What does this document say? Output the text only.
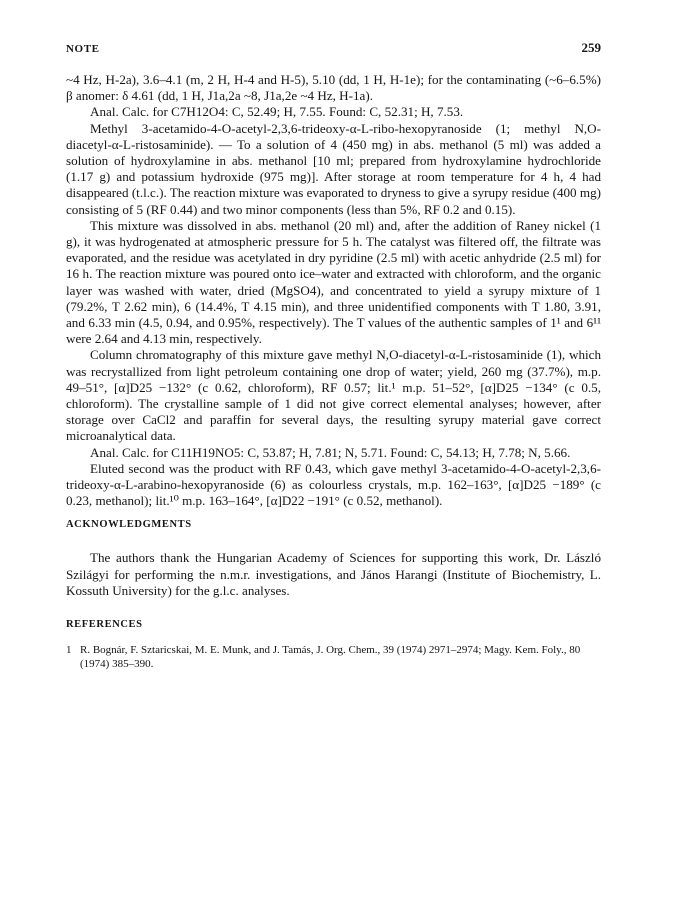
NOTE	259

~4 Hz, H-2a), 3.6–4.1 (m, 2 H, H-4 and H-5), 5.10 (dd, 1 H, H-1e); for the contaminating (~6–6.5%) β anomer: δ 4.61 (dd, 1 H, J1a,2a ~8, J1a,2e ~4 Hz, H-1a).

Anal. Calc. for C7H12O4: C, 52.49; H, 7.55. Found: C, 52.31; H, 7.53.

Methyl 3-acetamido-4-O-acetyl-2,3,6-trideoxy-α-L-ribo-hexopyranoside (1; methyl N,O-diacetyl-α-L-ristosaminide). — To a solution of 4 (450 mg) in abs. methanol (5 ml) was added a solution of hydroxylamine in abs. methanol [10 ml; prepared from hydroxylamine hydrochloride (1.17 g) and potassium hydroxide (975 mg)]. After storage at room temperature for 4 h, 4 had disappeared (t.l.c.). The reaction mixture was evaporated to dryness to give a syrupy residue (400 mg) consisting of 5 (RF 0.44) and two minor components (less than 5%, RF 0.2 and 0.15).

This mixture was dissolved in abs. methanol (20 ml) and, after the addition of Raney nickel (1 g), it was hydrogenated at atmospheric pressure for 5 h. The catalyst was filtered off, the filtrate was evaporated, and the residue was acetylated in dry pyridine (2.5 ml) with acetic anhydride (2.5 ml) for 16 h. The reaction mixture was poured onto ice–water and extracted with chloroform, and the organic layer was washed with water, dried (MgSO4), and concentrated to yield a syrupy mixture of 1 (79.2%, T 2.62 min), 6 (14.4%, T 4.15 min), and three unidentified components with T 1.80, 3.91, and 6.33 min (4.5, 0.94, and 0.95%, respectively). The T values of the authentic samples of 1¹ and 6¹¹ were 2.64 and 4.13 min, respectively.

Column chromatography of this mixture gave methyl N,O-diacetyl-α-L-ristosaminide (1), which was recrystallized from light petroleum containing one drop of water; yield, 260 mg (37.7%), m.p. 49–51°, [α]D25 −132° (c 0.62, chloroform), RF 0.57; lit.¹ m.p. 51–52°, [α]D25 −134° (c 0.5, chloroform). The crystalline sample of 1 did not give correct elemental analyses; however, after storage over CaCl2 and paraffin for several days, the resulting syrupy material gave correct microanalytical data.

Anal. Calc. for C11H19NO5: C, 53.87; H, 7.81; N, 5.71. Found: C, 54.13; H, 7.78; N, 5.66.

Eluted second was the product with RF 0.43, which gave methyl 3-acetamido-4-O-acetyl-2,3,6-trideoxy-α-L-arabino-hexopyranoside (6) as colourless crystals, m.p. 162–163°, [α]D25 −189° (c 0.23, methanol); lit.¹⁰ m.p. 163–164°, [α]D22 −191° (c 0.52, methanol).

ACKNOWLEDGMENTS

The authors thank the Hungarian Academy of Sciences for supporting this work, Dr. László Szilágyi for performing the n.m.r. investigations, and János Harangi (Institute of Biochemistry, L. Kossuth University) for the g.l.c. analyses.

REFERENCES
1 R. Bognár, F. Sztaricskai, M. E. Munk, and J. Tamás, J. Org. Chem., 39 (1974) 2971–2974; Magy. Kem. Foly., 80 (1974) 385–390.
